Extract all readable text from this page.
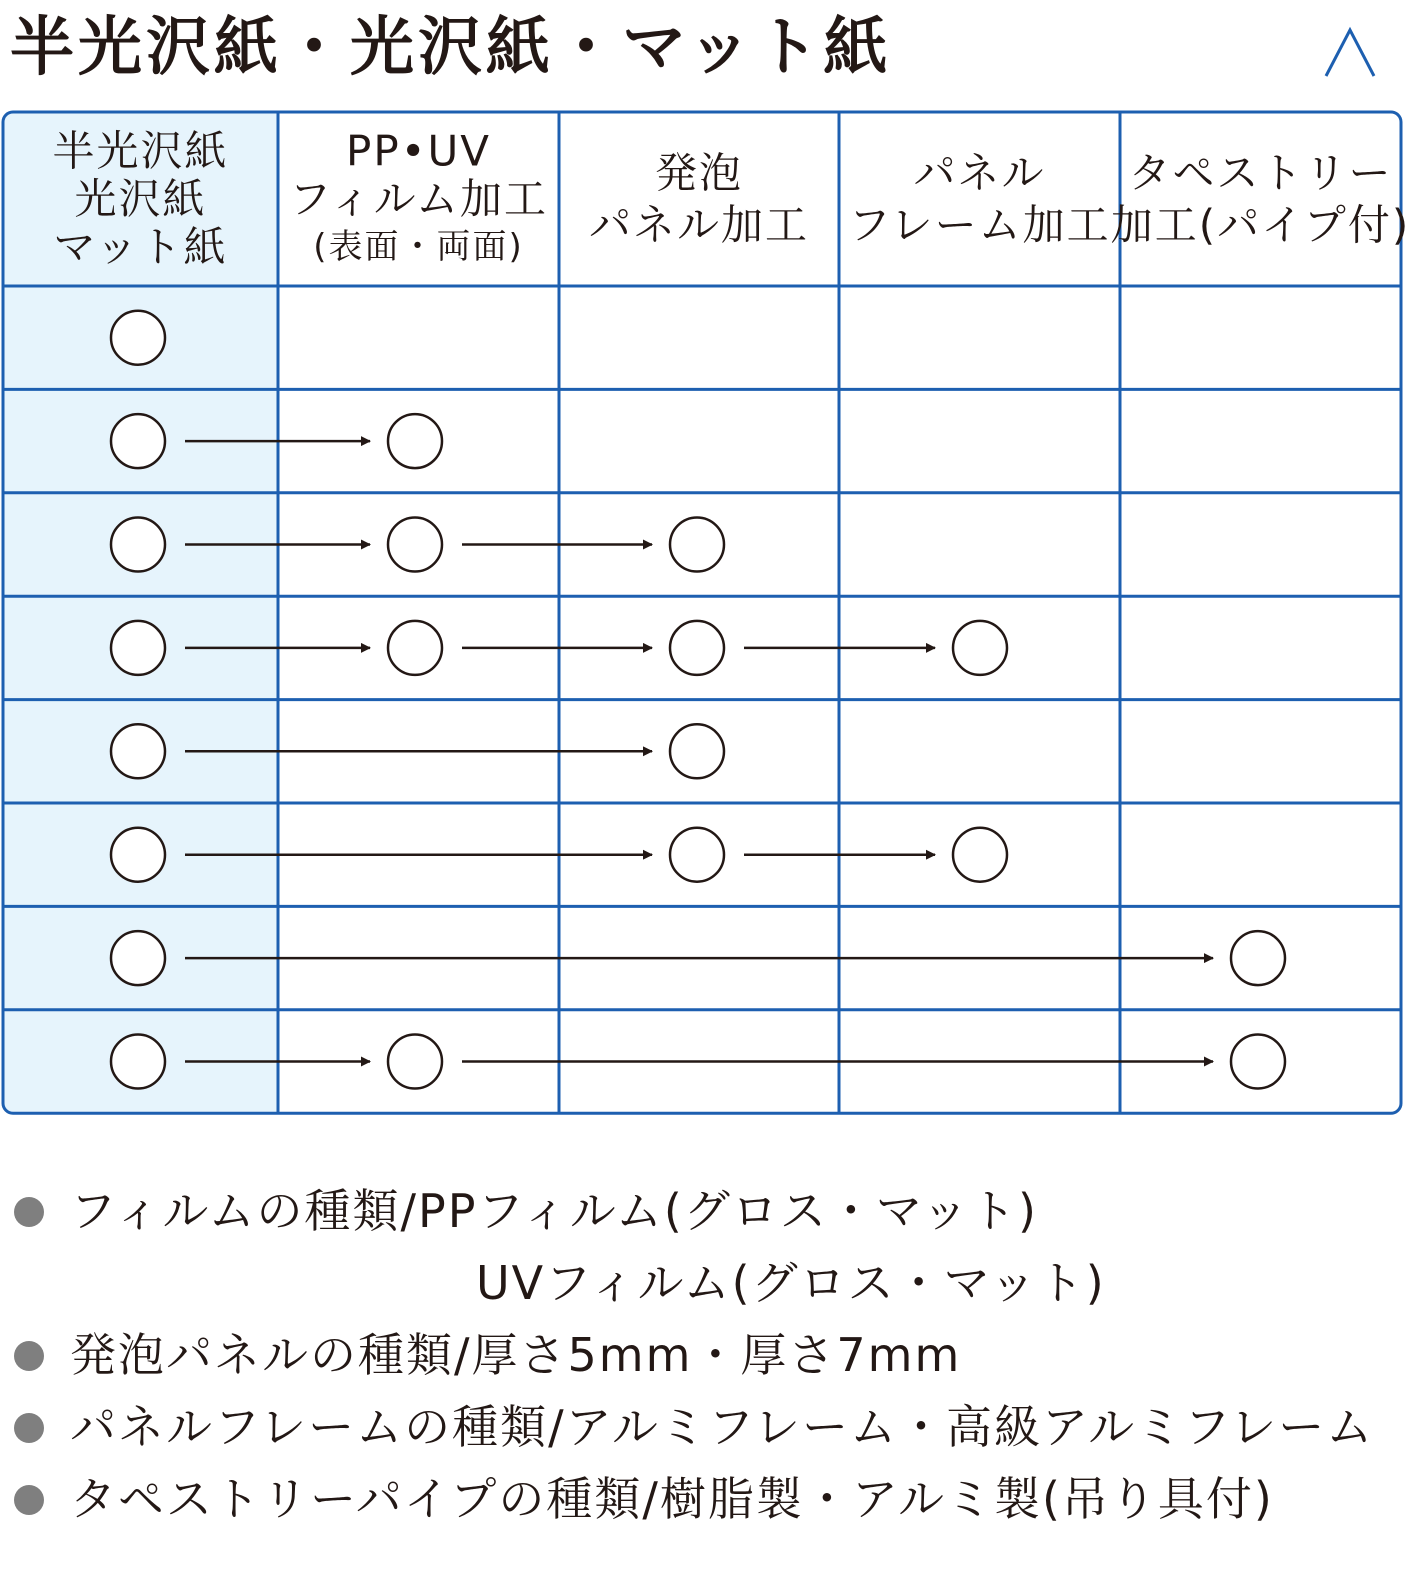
半光沢紙・光沢紙・マット紙
半光沢紙
光沢紙
マット紙
PP•UV
フィルム加工
(表面・両面)
発泡
パネル加工
パネル
フレーム加工
タペストリー
加工(パイプ付)
フィルムの種類/PPフィルム(グロス・マット)
UVフィルム(グロス・マット)
発泡パネルの種類/厚さ5mm・厚さ7mm
パネルフレームの種類/アルミフレーム・高級アルミフレーム
タペストリーパイプの種類/樹脂製・アルミ製(吊り具付)
